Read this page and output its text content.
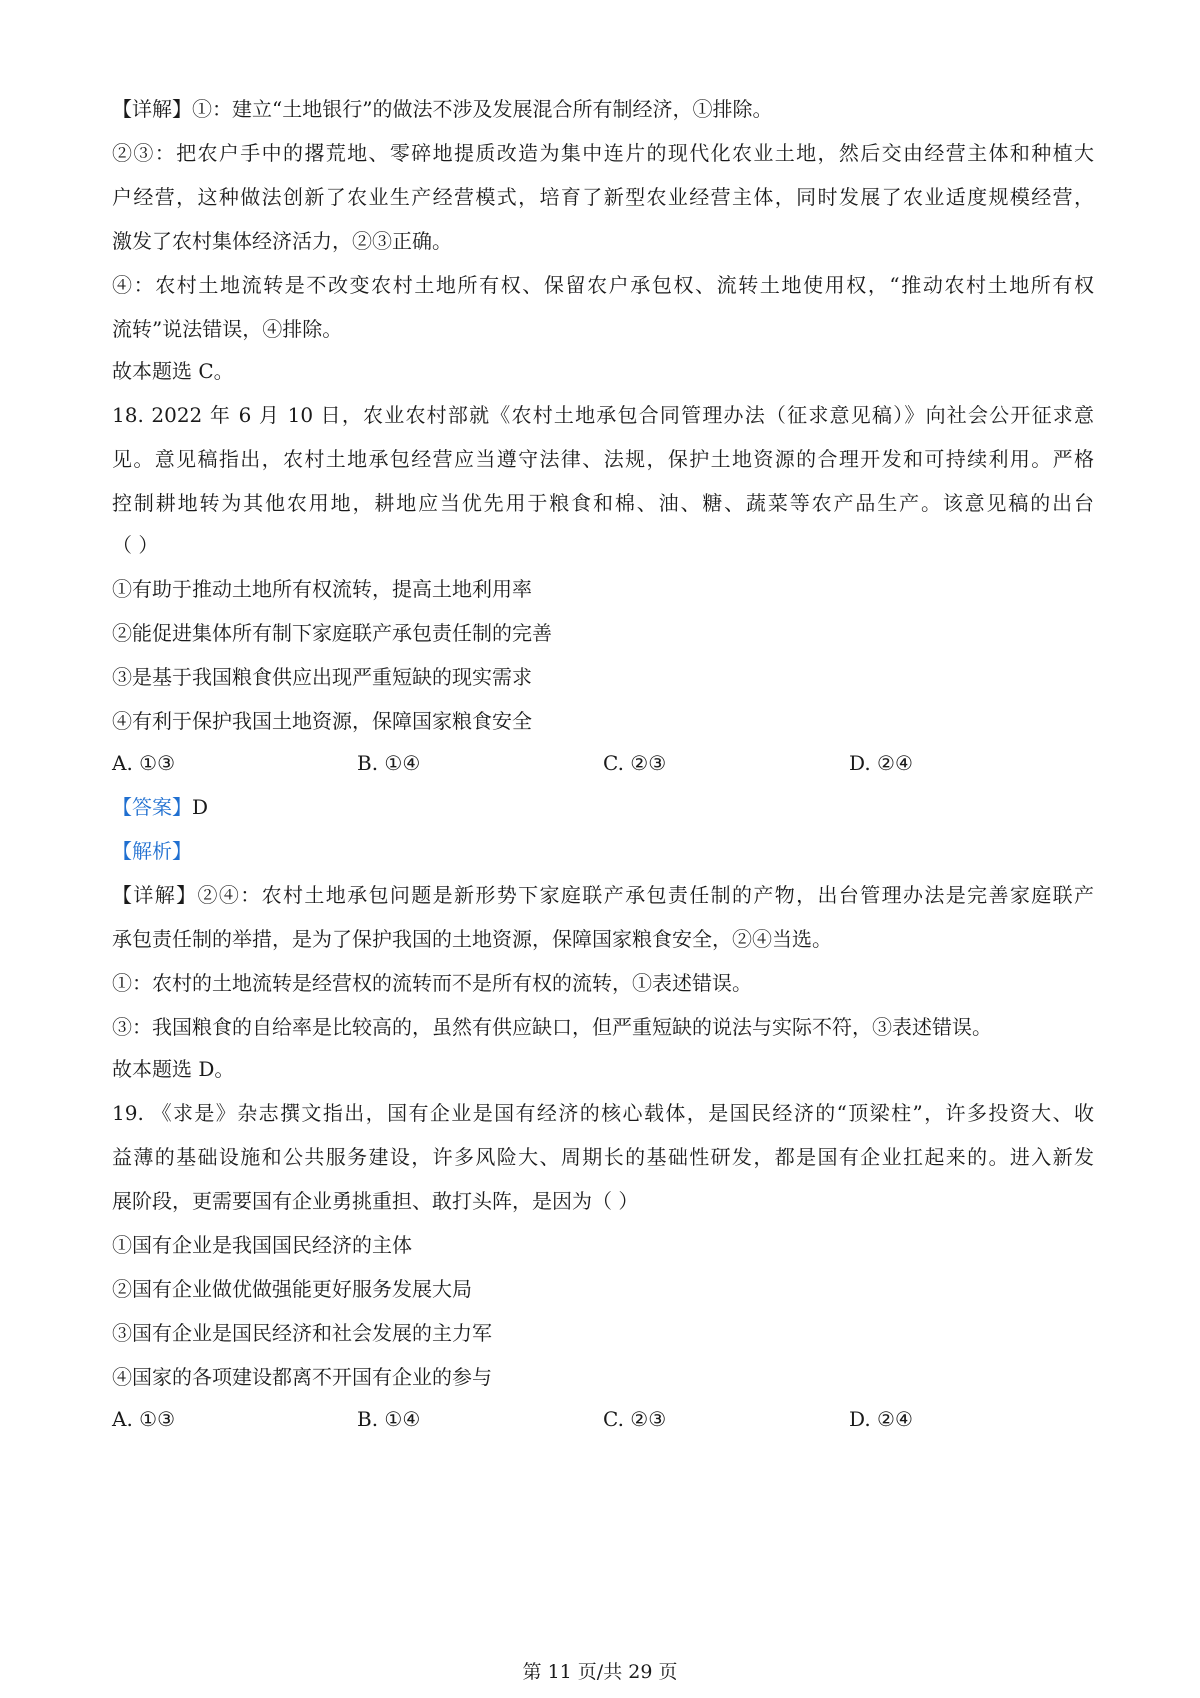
【详解】①：建立“土地银行”的做法不涉及发展混合所有制经济，①排除。
②③：把农户手中的撂荒地、零碎地提质改造为集中连片的现代化农业土地，然后交由经营主体和种植大
户经营，这种做法创新了农业生产经营模式，培育了新型农业经营主体，同时发展了农业适度规模经营，
激发了农村集体经济活力，②③正确。
④：农村土地流转是不改变农村土地所有权、保留农户承包权、流转土地使用权，“推动农村土地所有权
流转”说法错误，④排除。
故本题选 C。
18. 2022 年 6 月 10 日，农业农村部就《农村土地承包合同管理办法（征求意见稿）》向社会公开征求意
见。意见稿指出，农村土地承包经营应当遵守法律、法规，保护土地资源的合理开发和可持续利用。严格
控制耕地转为其他农用地，耕地应当优先用于粮食和棉、油、糖、蔬菜等农产品生产。该意见稿的出台
（ ）
①有助于推动土地所有权流转，提高土地利用率
②能促进集体所有制下家庭联产承包责任制的完善
③是基于我国粮食供应出现严重短缺的现实需求
④有利于保护我国土地资源，保障国家粮食安全
A. ①③	B. ①④	C. ②③	D. ②④
【答案】D
【解析】
【详解】②④：农村土地承包问题是新形势下家庭联产承包责任制的产物，出台管理办法是完善家庭联产
承包责任制的举措，是为了保护我国的土地资源，保障国家粮食安全，②④当选。
①：农村的土地流转是经营权的流转而不是所有权的流转，①表述错误。
③：我国粮食的自给率是比较高的，虽然有供应缺口，但严重短缺的说法与实际不符，③表述错误。
故本题选 D。
19. 《求是》杂志撰文指出，国有企业是国有经济的核心载体，是国民经济的“顶梁柱”，许多投资大、收
益薄的基础设施和公共服务建设，许多风险大、周期长的基础性研发，都是国有企业扛起来的。进入新发
展阶段，更需要国有企业勇挑重担、敢打头阵，是因为（ ）
①国有企业是我国国民经济的主体
②国有企业做优做强能更好服务发展大局
③国有企业是国民经济和社会发展的主力军
④国家的各项建设都离不开国有企业的参与
A. ①③	B. ①④	C. ②③	D. ②④
第 11 页/共 29 页
